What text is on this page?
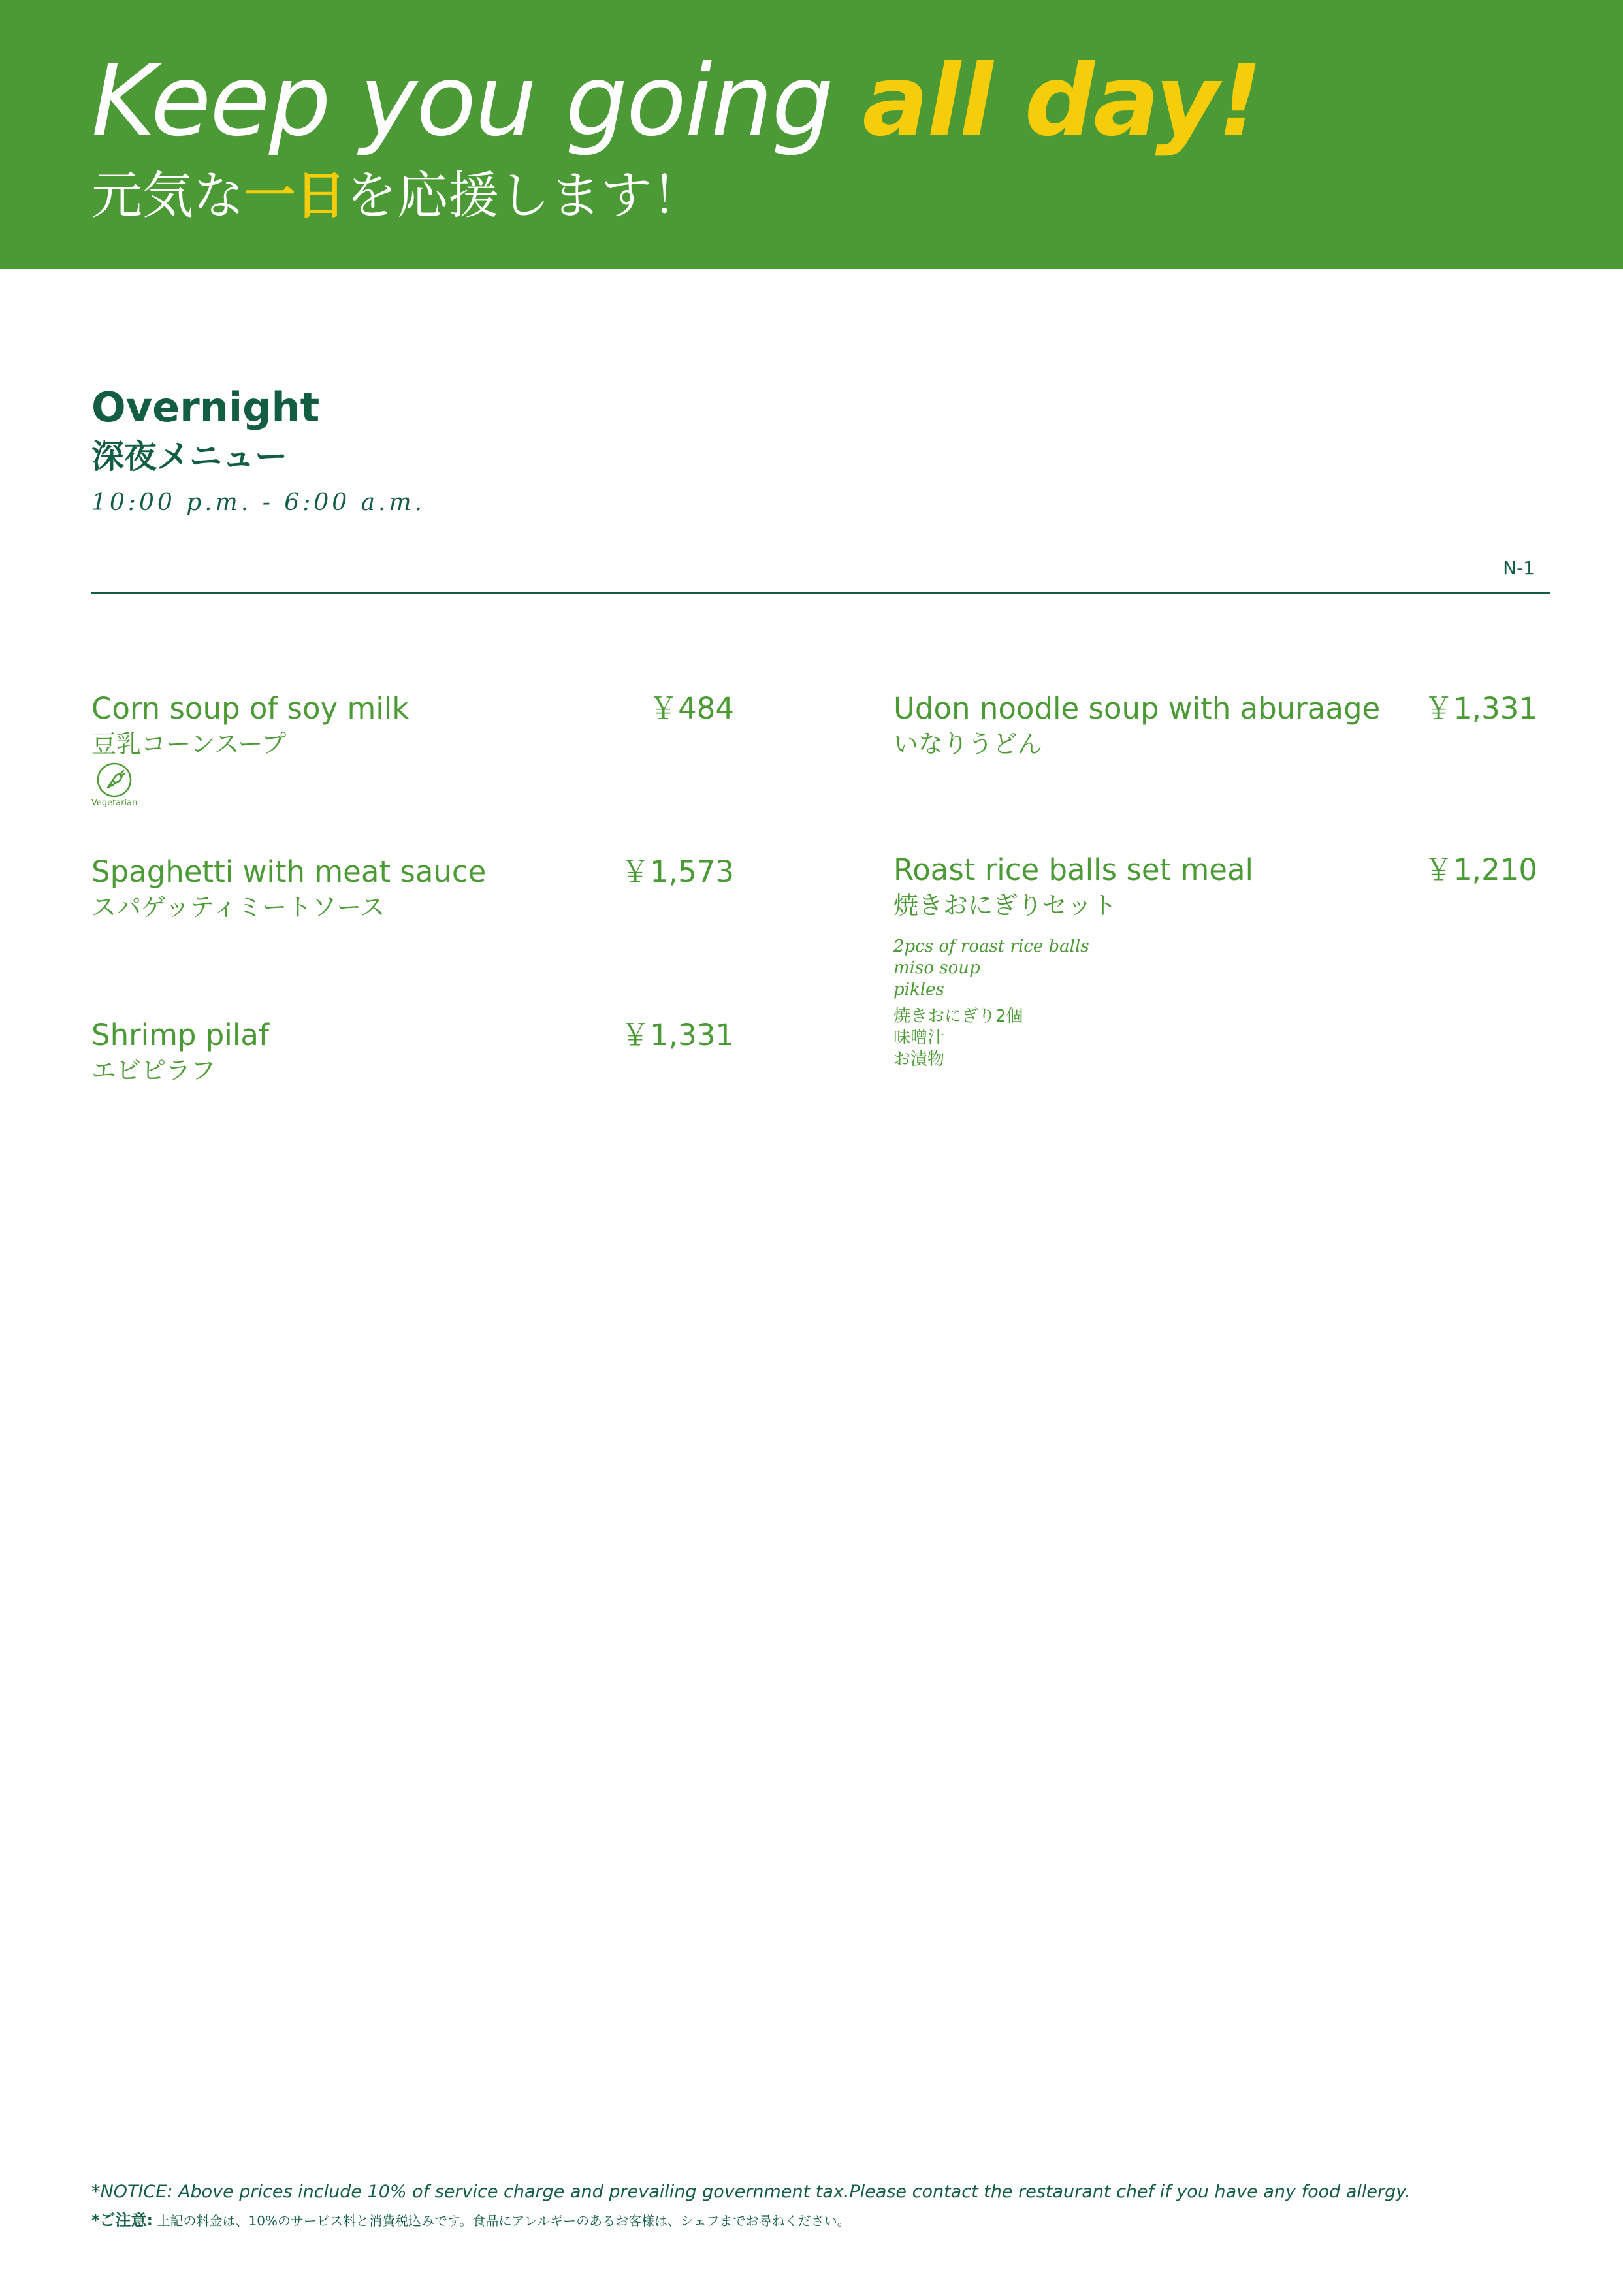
Keep you going all day!
元気な一日を応援します！
Overnight
深夜メニュー
10:00 p.m. - 6:00 a.m.
N-1
Corn soup of soy milk	￥484
豆乳コーンスープ
Vegetarian
Spaghetti with meat sauce	￥1,573
スパゲッティミートソース
Shrimp pilaf	￥1,331
エビピラフ
Udon noodle soup with aburaage ￥1,331
いなりうどん
Roast rice balls set meal	￥1,210
焼きおにぎりセット
2pcs of roast rice balls
miso soup
pikles
焼きおにぎり2個
味噌汁
お漬物
*NOTICE: Above prices include 10% of service charge and prevailing government tax.Please contact the restaurant chef if you have any food allergy.
*ご注意: 上記の料金は、10%のサービス料と消費税込みです。食品にアレルギーのあるお客様は、シェフまでお尋ねください。
